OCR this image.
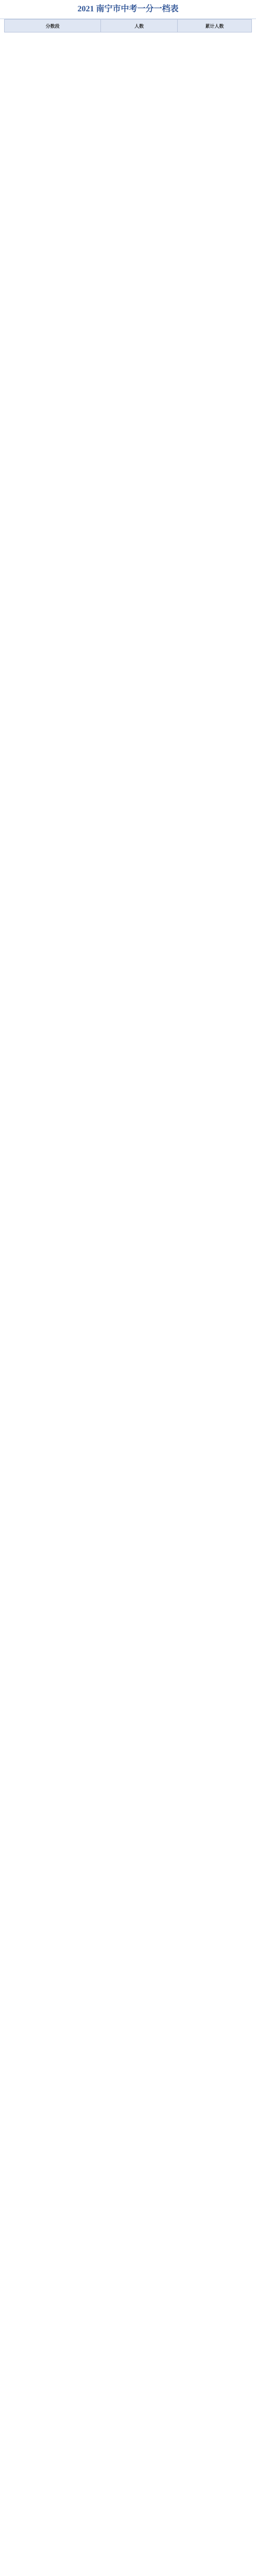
2021 南宁市中考一分一档表
分数段	人数	累计人数
